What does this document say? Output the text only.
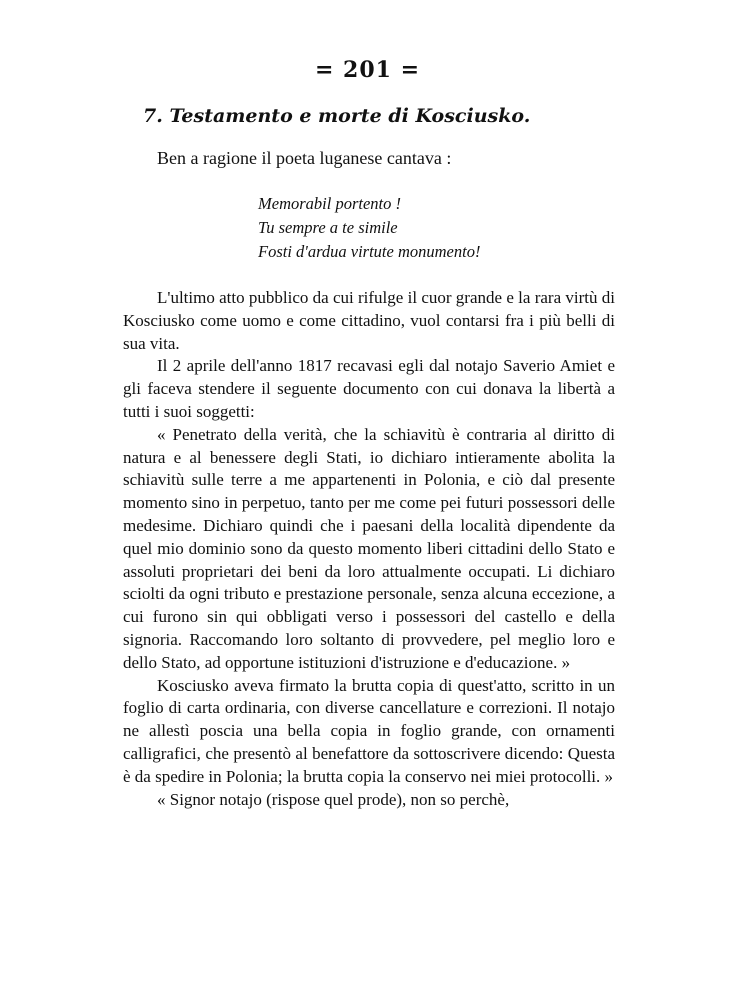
= 201 =
7. Testamento e morte di Kosciusko.
Ben a ragione il poeta luganese cantava :
Memorabil portento !
Tu sempre a te simile
Fosti d'ardua virtute monumento!

L'ultimo atto pubblico da cui rifulge il cuor grande e la rara virtù di Kosciusko come uomo e come cittadino, vuol contarsi fra i più belli di sua vita.

Il 2 aprile dell'anno 1817 recavasi egli dal notajo Saverio Amiet e gli faceva stendere il seguente documento con cui donava la libertà a tutti i suoi soggetti:

« Penetrato della verità, che la schiavitù è contraria al diritto di natura e al benessere degli Stati, io dichiaro intieramente abolita la schiavitù sulle terre a me appartenenti in Polonia, e ciò dal presente momento sino in perpetuo, tanto per me come pei futuri possessori delle medesime. Dichiaro quindi che i paesani della località dipendente da quel mio dominio sono da questo momento liberi cittadini dello Stato e assoluti proprietari dei beni da loro attualmente occupati. Li dichiaro sciolti da ogni tributo e prestazione personale, senza alcuna eccezione, a cui furono sin qui obbligati verso i possessori del castello e della signoria. Raccomando loro soltanto di provvedere, pel meglio loro e dello Stato, ad opportune istituzioni d'istruzione e d'educazione. »

Kosciusko aveva firmato la brutta copia di quest'atto, scritto in un foglio di carta ordinaria, con diverse cancellature e correzioni. Il notajo ne allestì poscia una bella copia in foglio grande, con ornamenti calligrafici, che presentò al benefattore da sottoscrivere dicendo: Questa è da spedire in Polonia; la brutta copia la conservo nei miei protocolli. »

« Signor notajo (rispose quel prode), non so perchè,
